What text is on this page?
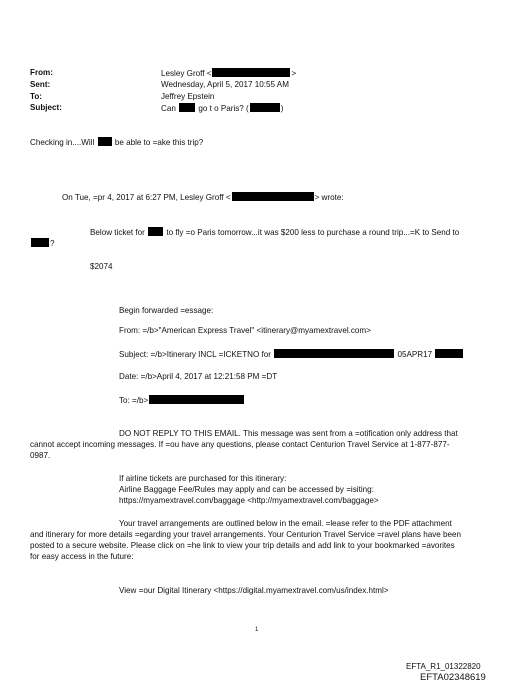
From:	Lesley Groff <	>
Sent:	Wednesday, April 5, 2017 10:55 AM
To:	Jeffrey Epstein
Subject:	Can	go t o Paris? (	)
Checking in....Will	be able to =ake this trip?
On Tue, =pr 4, 2017 at 6:27 PM, Lesley Groff <	> wrote:
Below ticket for	to fly =o Paris tomorrow...it was $200 less to purchase a round trip...=K to Send to
?
$2074
Begin forwarded =essage:
From: =/b>"American Express Travel" <itinerary@myamextravel.com>
Subject: =/b>Itinerary INCL =ICKETNO for	05APR17
Date: =/b>April 4, 2017 at 12:21:58 PM =DT
To: =/b>
DO NOT REPLY TO THIS EMAIL. This message was sent from a =otification only address that
cannot accept incoming messages. If =ou have any questions, please contact Centurion Travel Service at 1-877-877-
0987.
If airline tickets are purchased for this itinerary:
Airline Baggage Fee/Rules may apply and can be accessed by =isiting:
https://myamextravel.com/baggage <http://myamextravel.com/baggage>
Your travel arrangements are outlined below in the email. =lease refer to the PDF attachment
and itinerary for more details =egarding your travel arrangements. Your Centurion Travel Service =ravel plans have been
posted to a secure website. Please click on =he link to view your trip details and add link to your bookmarked =avorites
for easy access in the future:
View =our Digital Itinerary <https://digital.myamextravel.com/us/index.html>
1
EFTA_R1_01322820
EFTA02348619
